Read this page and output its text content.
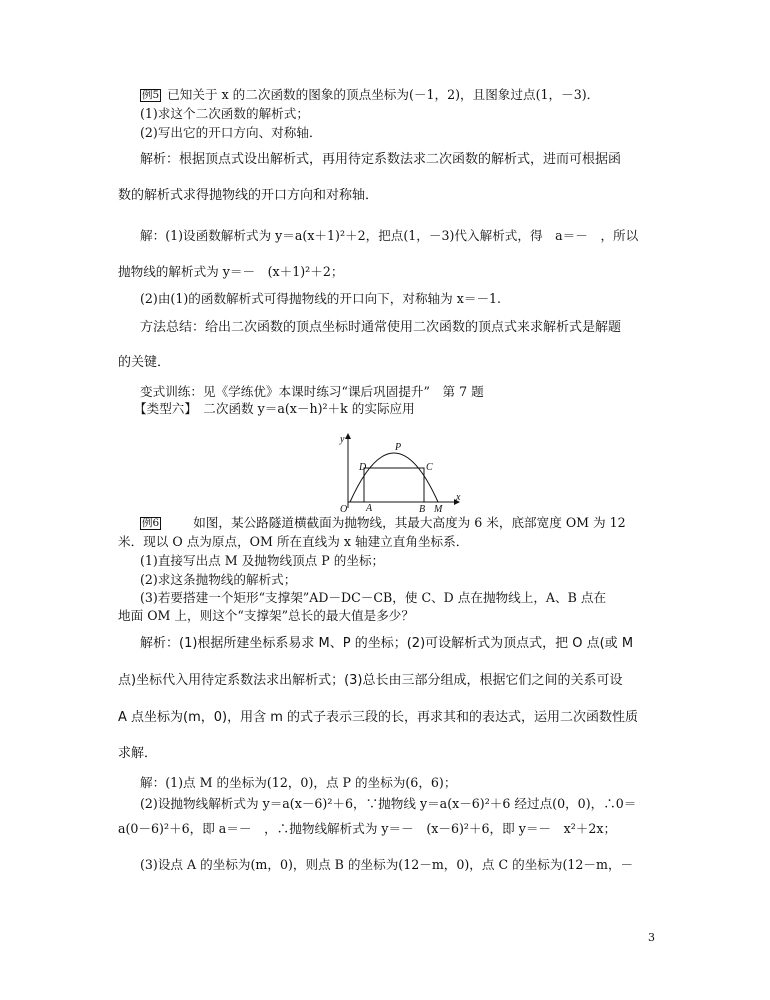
例5 已知关于 x 的二次函数的图象的顶点坐标为(－1，2)，且图象过点(1，－3)．
(1)求这个二次函数的解析式；
(2)写出它的开口方向、对称轴．
解析：根据顶点式设出解析式，再用待定系数法求二次函数的解析式，进而可根据函
数的解析式求得抛物线的开口方向和对称轴．
解：(1)设函数解析式为 y＝a(x＋1)²＋2，把点(1，－3)代入解析式，得　a＝－　，所以
抛物线的解析式为 y＝－　(x＋1)²＋2；
(2)由(1)的函数解析式可得抛物线的开口向下，对称轴为 x＝－1.
方法总结：给出二次函数的顶点坐标时通常使用二次函数的顶点式来求解析式是解题
的关键．
变式训练：见《学练优》本课时练习“课后巩固提升”　第 7 题
【类型六】　二次函数 y＝a(x－h)²＋k 的实际应用
y
x
O A	B M
P
D	C
例6	如图，某公路隧道横截面为抛物线，其最大高度为 6 米，底部宽度 OM 为 12
米．现以 O 点为原点，OM 所在直线为 x 轴建立直角坐标系．
(1)直接写出点 M 及抛物线顶点 P 的坐标；
(2)求这条抛物线的解析式；
(3)若要搭建一个矩形“支撑架”AD－DC－CB，使 C、D 点在抛物线上，A、B 点在
地面 OM 上，则这个“支撑架”总长的最大值是多少？
解析：(1)根据所建坐标系易求 M、P 的坐标；(2)可设解析式为顶点式，把 O 点(或 M
点)坐标代入用待定系数法求出解析式；(3)总长由三部分组成，根据它们之间的关系可设
A 点坐标为(m，0)，用含 m 的式子表示三段的长，再求其和的表达式，运用二次函数性质
求解．
解：(1)点 M 的坐标为(12，0)，点 P 的坐标为(6，6)；
(2)设抛物线解析式为 y＝a(x－6)²＋6，∵抛物线 y＝a(x－6)²＋6 经过点(0，0)，∴0＝
a(0－6)²＋6，即 a＝－　，∴抛物线解析式为 y＝－　(x－6)²＋6，即 y＝－　x²＋2x；
(3)设点 A 的坐标为(m，0)，则点 B 的坐标为(12－m，0)，点 C 的坐标为(12－m，－
3
